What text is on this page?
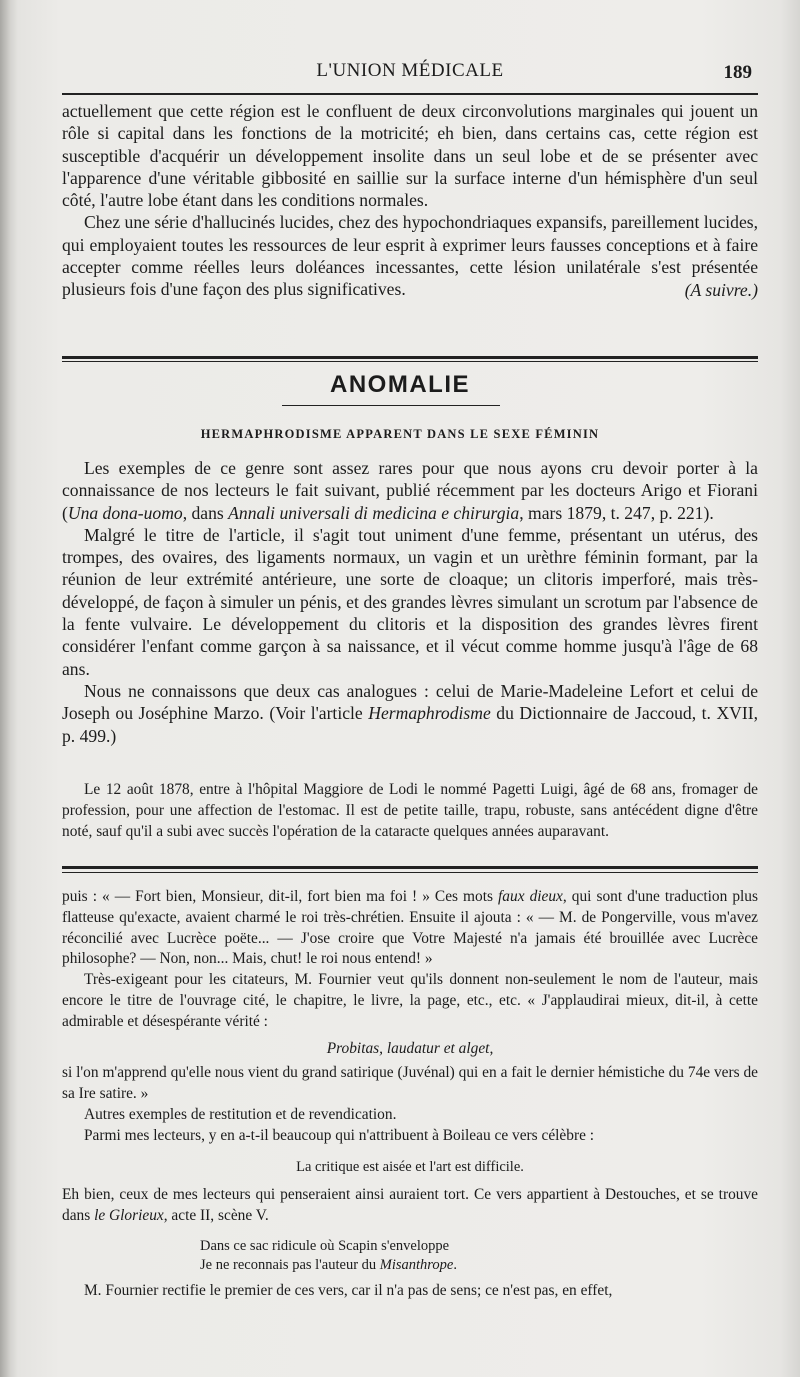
L'UNION MÉDICALE	189

actuellement que cette région est le confluent de deux circonvolutions marginales qui jouent un rôle si capital dans les fonctions de la motricité; eh bien, dans certains cas, cette région est susceptible d'acquérir un développement insolite dans un seul lobe et de se présenter avec l'apparence d'une véritable gibbosité en saillie sur la surface interne d'un hémisphère d'un seul côté, l'autre lobe étant dans les conditions normales.

Chez une série d'hallucinés lucides, chez des hypochondriaques expansifs, pareillement lucides, qui employaient toutes les ressources de leur esprit à exprimer leurs fausses conceptions et à faire accepter comme réelles leurs doléances incessantes, cette lésion unilatérale s'est présentée plusieurs fois d'une façon des plus significatives.	(A suivre.)

ANOMALIE
HERMAPHRODISME APPARENT DANS LE SEXE FÉMININ

Les exemples de ce genre sont assez rares pour que nous ayons cru devoir porter à la connaissance de nos lecteurs le fait suivant, publié récemment par les docteurs Arigo et Fiorani (Una dona-uomo, dans Annali universali di medicina e chirurgia, mars 1879, t. 247, p. 221).

Malgré le titre de l'article, il s'agit tout uniment d'une femme, présentant un utérus, des trompes, des ovaires, des ligaments normaux, un vagin et un urèthre féminin formant, par la réunion de leur extrémité antérieure, une sorte de cloaque; un clitoris imperforé, mais très-développé, de façon à simuler un pénis, et des grandes lèvres simulant un scrotum par l'absence de la fente vulvaire. Le développement du clitoris et la disposition des grandes lèvres firent considérer l'enfant comme garçon à sa naissance, et il vécut comme homme jusqu'à l'âge de 68 ans.

Nous ne connaissons que deux cas analogues : celui de Marie-Madeleine Lefort et celui de Joseph ou Joséphine Marzo. (Voir l'article Hermaphrodisme du Dictionnaire de Jaccoud, t. XVII, p. 499.)

Le 12 août 1878, entre à l'hôpital Maggiore de Lodi le nommé Pagetti Luigi, âgé de 68 ans, fromager de profession, pour une affection de l'estomac. Il est de petite taille, trapu, robuste, sans antécédent digne d'être noté, sauf qu'il a subi avec succès l'opération de la cataracte quelques années auparavant.

puis : « — Fort bien, Monsieur, dit-il, fort bien ma foi ! » Ces mots faux dieux, qui sont d'une traduction plus flatteuse qu'exacte, avaient charmé le roi très-chrétien. Ensuite il ajouta : « — M. de Pongerville, vous m'avez réconcilié avec Lucrèce poëte... — J'ose croire que Votre Majesté n'a jamais été brouillée avec Lucrèce philosophe? — Non, non... Mais, chut! le roi nous entend! »

Très-exigeant pour les citateurs, M. Fournier veut qu'ils donnent non-seulement le nom de l'auteur, mais encore le titre de l'ouvrage cité, le chapitre, le livre, la page, etc., etc. « J'applaudirai mieux, dit-il, à cette admirable et désespérante vérité :

Probitas, laudatur et alget,

si l'on m'apprend qu'elle nous vient du grand satirique (Juvénal) qui en a fait le dernier hémistiche du 74e vers de sa Ire satire. »

Autres exemples de restitution et de revendication.

Parmi mes lecteurs, y en a-t-il beaucoup qui n'attribuent à Boileau ce vers célèbre :

La critique est aisée et l'art est difficile.

Eh bien, ceux de mes lecteurs qui penseraient ainsi auraient tort. Ce vers appartient à Destouches, et se trouve dans le Glorieux, acte II, scène V.

Dans ce sac ridicule où Scapin s'enveloppe
Je ne reconnais pas l'auteur du Misanthrope.

M. Fournier rectifie le premier de ces vers, car il n'a pas de sens; ce n'est pas, en effet,
